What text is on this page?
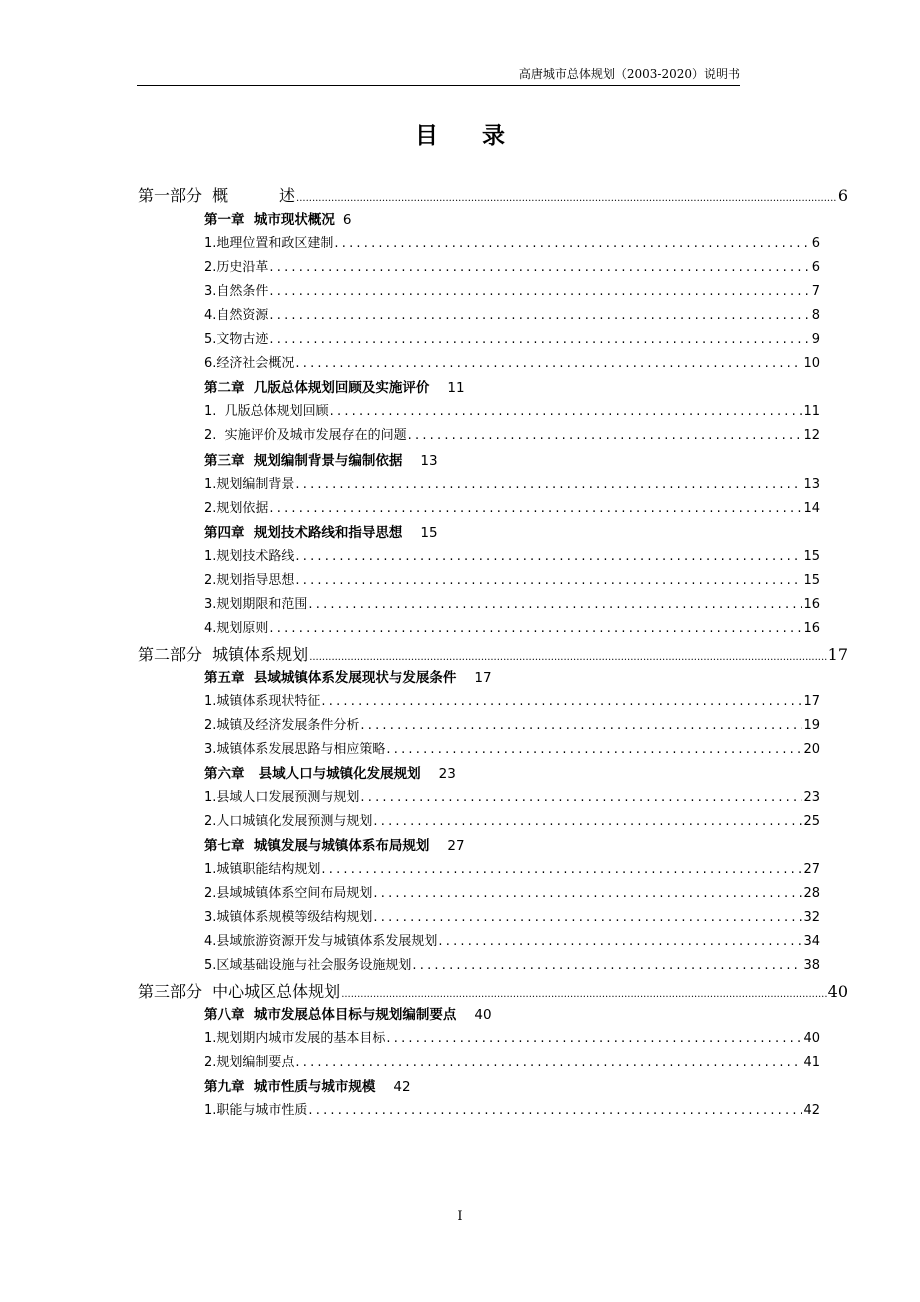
高唐城市总体规划（2003-2020）说明书
目录
第一部分  概          述 .....	6
第一章  城市现状概况 6
1.地理位置和政区建制 .....	6
2.历史沿革 .....	6
3.自然条件 .....	7
4.自然资源 .....	8
5.文物古迹 .....	9
6.经济社会概况 .....	10
第二章  几版总体规划回顾及实施评价 11
1.  几版总体规划回顾 .....	11
2.  实施评价及城市发展存在的问题 .....	12
第三章  规划编制背景与编制依据 13
1.规划编制背景 .....	13
2.规划依据 .....	14
第四章  规划技术路线和指导思想 15
1.规划技术路线 .....	15
2.规划指导思想 .....	15
3.规划期限和范围 .....	16
4.规划原则 .....	16
第二部分  城镇体系规划 .....	17
第五章  县域城镇体系发展现状与发展条件 17
1.城镇体系现状特征 .....	17
2.城镇及经济发展条件分析 .....	19
3.城镇体系发展思路与相应策略 .....	20
第六章   县域人口与城镇化发展规划 23
1.县域人口发展预测与规划 .....	23
2.人口城镇化发展预测与规划 .....	25
第七章  城镇发展与城镇体系布局规划 27
1.城镇职能结构规划 .....	27
2.县域城镇体系空间布局规划 .....	28
3.城镇体系规模等级结构规划 .....	32
4.县域旅游资源开发与城镇体系发展规划 .....	34
5.区域基础设施与社会服务设施规划 .....	38
第三部分  中心城区总体规划 .....	40
第八章  城市发展总体目标与规划编制要点 40
1.规划期内城市发展的基本目标 .....	40
2.规划编制要点 .....	41
第九章  城市性质与城市规模 42
1.职能与城市性质 .....	42
I
